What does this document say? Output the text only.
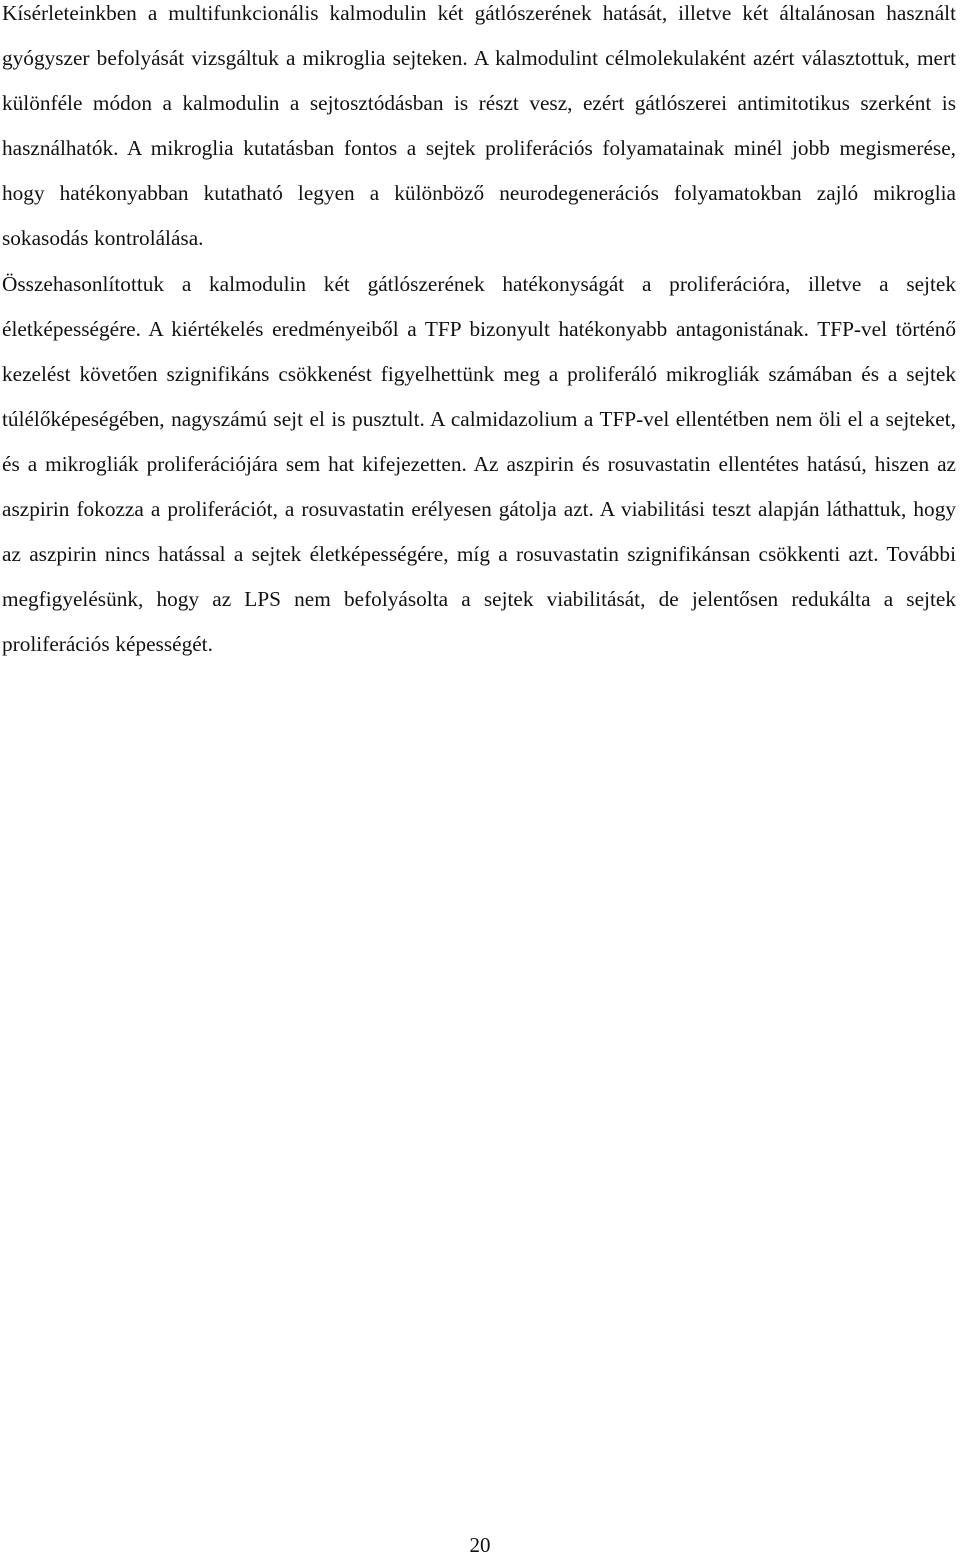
Kísérleteinkben a multifunkcionális kalmodulin két gátlószerének hatását, illetve két általánosan használt gyógyszer befolyását vizsgáltuk a mikroglia sejteken. A kalmodulint célmolekulaként azért választottuk, mert különféle módon a kalmodulin a sejtosztódásban is részt vesz, ezért gátlószerei antimitotikus szerként is használhatók. A mikroglia kutatásban fontos a sejtek proliferációs folyamatainak minél jobb megismerése, hogy hatékonyabban kutatható legyen a különböző neurodegenerációs folyamatokban zajló mikroglia sokasodás kontrolálása.

Összehasonlítottuk a kalmodulin két gátlószerének hatékonyságát a proliferációra, illetve a sejtek életképességére. A kiértékelés eredményeiből a TFP bizonyult hatékonyabb antagonistának. TFP-vel történő kezelést követően szignifikáns csökkenést figyelhettünk meg a proliferáló mikrogliák számában és a sejtek túlélőképeségében, nagyszámú sejt el is pusztult. A calmidazolium a TFP-vel ellentétben nem öli el a sejteket, és a mikrogliák proliferációjára sem hat kifejezetten. Az aszpirin és rosuvastatin ellentétes hatású, hiszen az aszpirin fokozza a proliferációt, a rosuvastatin erélyesen gátolja azt. A viabilitási teszt alapján láthattuk, hogy az aszpirin nincs hatással a sejtek életképességére, míg a rosuvastatin szignifikánsan csökkenti azt. További megfigyelésünk, hogy az LPS nem befolyásolta a sejtek viabilitását, de jelentősen redukálta a sejtek proliferációs képességét.

20
